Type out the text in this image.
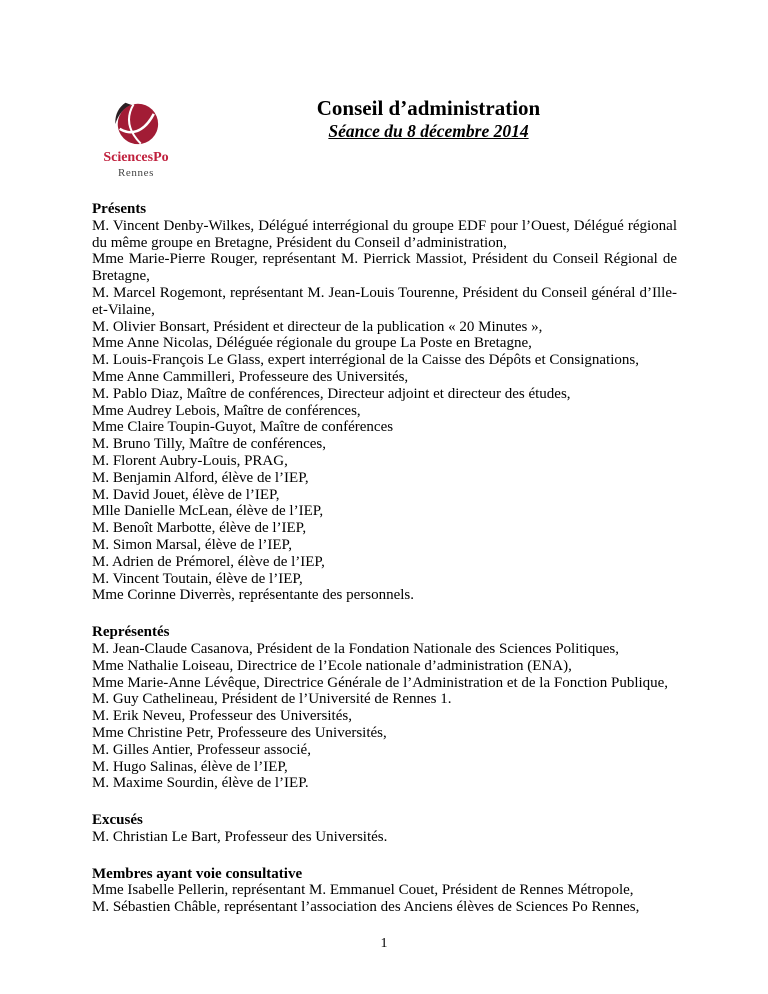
SciencesPo
Rennes
Conseil d’administration
Séance du 8 décembre 2014
Présents

M. Vincent Denby-Wilkes, Délégué interrégional du groupe EDF pour l’Ouest, Délégué régional du même groupe en Bretagne, Président du Conseil d’administration,

Mme Marie-Pierre Rouger, représentant M. Pierrick Massiot, Président du Conseil Régional de Bretagne,

M. Marcel Rogemont, représentant M. Jean-Louis Tourenne, Président du Conseil général d’Ille-et-Vilaine,

M. Olivier Bonsart, Président et directeur de la publication « 20 Minutes »,

Mme Anne Nicolas, Déléguée régionale du groupe La Poste en Bretagne,

M. Louis-François Le Glass, expert interrégional de la Caisse des Dépôts et Consignations,

Mme Anne Cammilleri, Professeure des Universités,

M. Pablo Diaz, Maître de conférences, Directeur adjoint et directeur des études,

Mme Audrey Lebois, Maître de conférences,

Mme Claire Toupin-Guyot, Maître de conférences

M. Bruno Tilly, Maître de conférences,

M. Florent Aubry-Louis, PRAG,

M. Benjamin Alford, élève de l’IEP,

M. David Jouet, élève de l’IEP,

Mlle Danielle McLean, élève de l’IEP,

M. Benoît Marbotte, élève de l’IEP,

M. Simon Marsal, élève de l’IEP,

M. Adrien de Prémorel, élève de l’IEP,

M. Vincent Toutain, élève de l’IEP,

Mme Corinne Diverrès, représentante des personnels.

Représentés

M. Jean-Claude Casanova, Président de la Fondation Nationale des Sciences Politiques,

Mme Nathalie Loiseau, Directrice de l’Ecole nationale d’administration (ENA),

Mme Marie-Anne Lévêque, Directrice Générale de l’Administration et de la Fonction Publique,

M. Guy Cathelineau, Président de l’Université de Rennes 1.

M. Erik Neveu, Professeur des Universités,

Mme Christine Petr, Professeure des Universités,

M. Gilles Antier, Professeur associé,

M. Hugo Salinas, élève de l’IEP,

M. Maxime Sourdin, élève de l’IEP.

Excusés

M. Christian Le Bart, Professeur des Universités.

Membres ayant voie consultative

Mme Isabelle Pellerin, représentant M. Emmanuel Couet, Président de Rennes Métropole,

M. Sébastien Châble, représentant l’association des Anciens élèves de Sciences Po Rennes,

1
